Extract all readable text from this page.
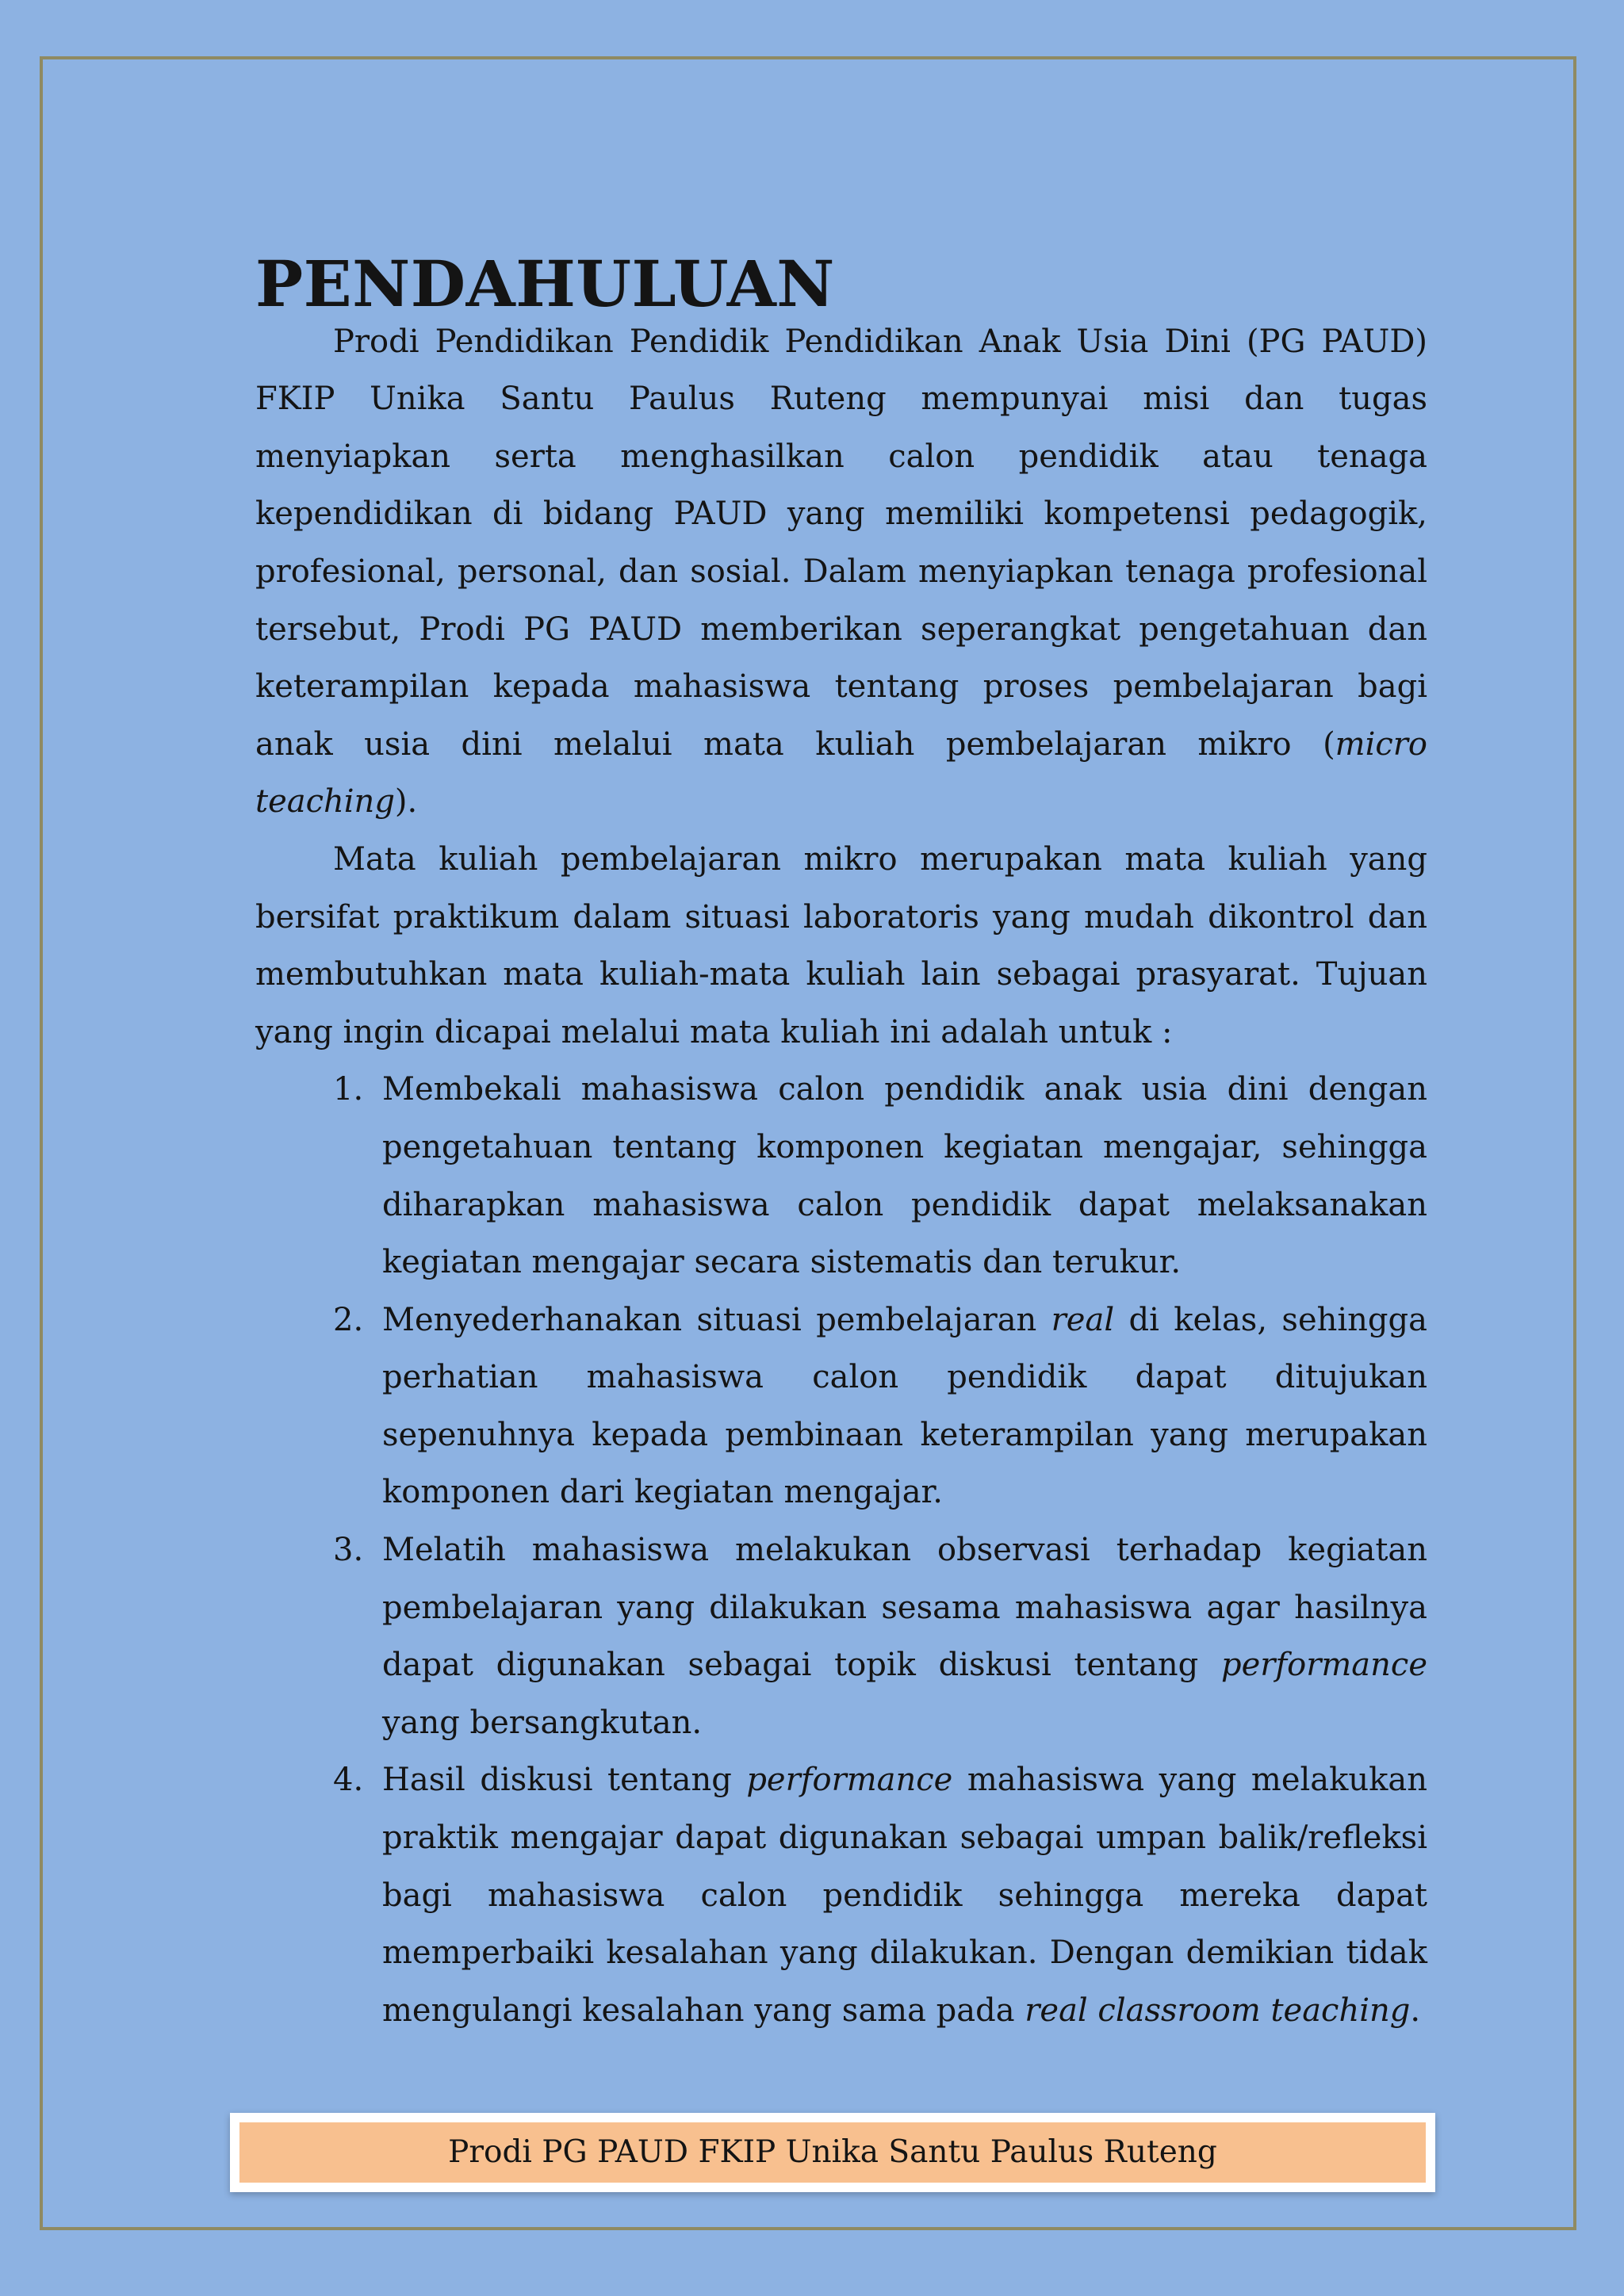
PENDAHULUAN

Prodi Pendidikan Pendidik Pendidikan Anak Usia Dini (PG PAUD) FKIP Unika Santu Paulus Ruteng mempunyai misi dan tugas menyiapkan serta menghasilkan calon pendidik atau tenaga kependidikan di bidang PAUD yang memiliki kompetensi pedagogik, profesional, personal, dan sosial. Dalam menyiapkan tenaga profesional tersebut, Prodi PG PAUD memberikan seperangkat pengetahuan dan keterampilan kepada mahasiswa tentang proses pembelajaran bagi anak usia dini melalui mata kuliah pembelajaran mikro (micro teaching).

Mata kuliah pembelajaran mikro merupakan mata kuliah yang bersifat praktikum dalam situasi laboratoris yang mudah dikontrol dan membutuhkan mata kuliah-mata kuliah lain sebagai prasyarat. Tujuan yang ingin dicapai melalui mata kuliah ini adalah untuk :

1. Membekali mahasiswa calon pendidik anak usia dini dengan pengetahuan tentang komponen kegiatan mengajar, sehingga diharapkan mahasiswa calon pendidik dapat melaksanakan kegiatan mengajar secara sistematis dan terukur.
2. Menyederhanakan situasi pembelajaran real di kelas, sehingga perhatian mahasiswa calon pendidik dapat ditujukan sepenuhnya kepada pembinaan keterampilan yang merupakan komponen dari kegiatan mengajar.
3. Melatih mahasiswa melakukan observasi terhadap kegiatan pembelajaran yang dilakukan sesama mahasiswa agar hasilnya dapat digunakan sebagai topik diskusi tentang performance yang bersangkutan.
4. Hasil diskusi tentang performance mahasiswa yang melakukan praktik mengajar dapat digunakan sebagai umpan balik/refleksi bagi mahasiswa calon pendidik sehingga mereka dapat memperbaiki kesalahan yang dilakukan. Dengan demikian tidak mengulangi kesalahan yang sama pada real classroom teaching.
Prodi PG PAUD FKIP Unika Santu Paulus Ruteng
